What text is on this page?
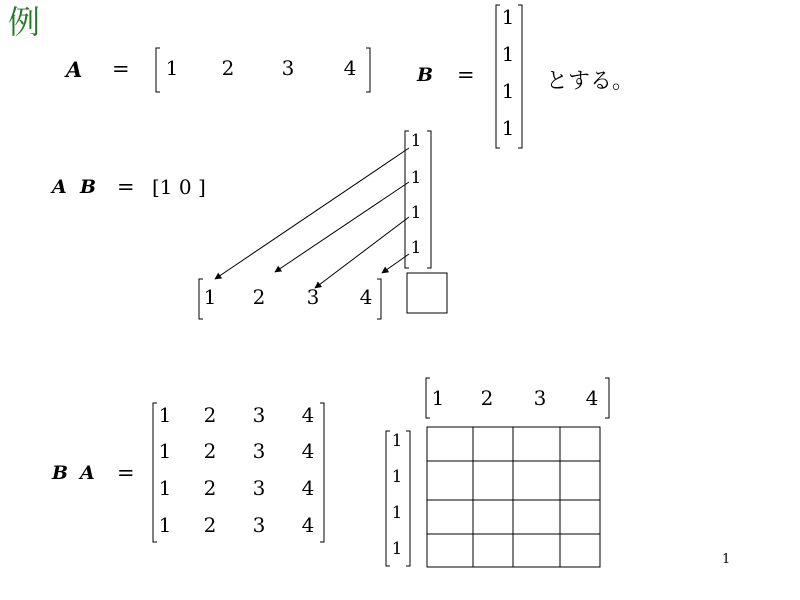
例
A = 1 2 3 4	B =
1
1
1
1
とする。
A B = [1 0 ]
1
1
1
1
1 2 3 4
B A =
1 2 3 4
1 2 3 4
1 2 3 4
1 2 3 4
1 2 3 4
1
1
1
1
1
